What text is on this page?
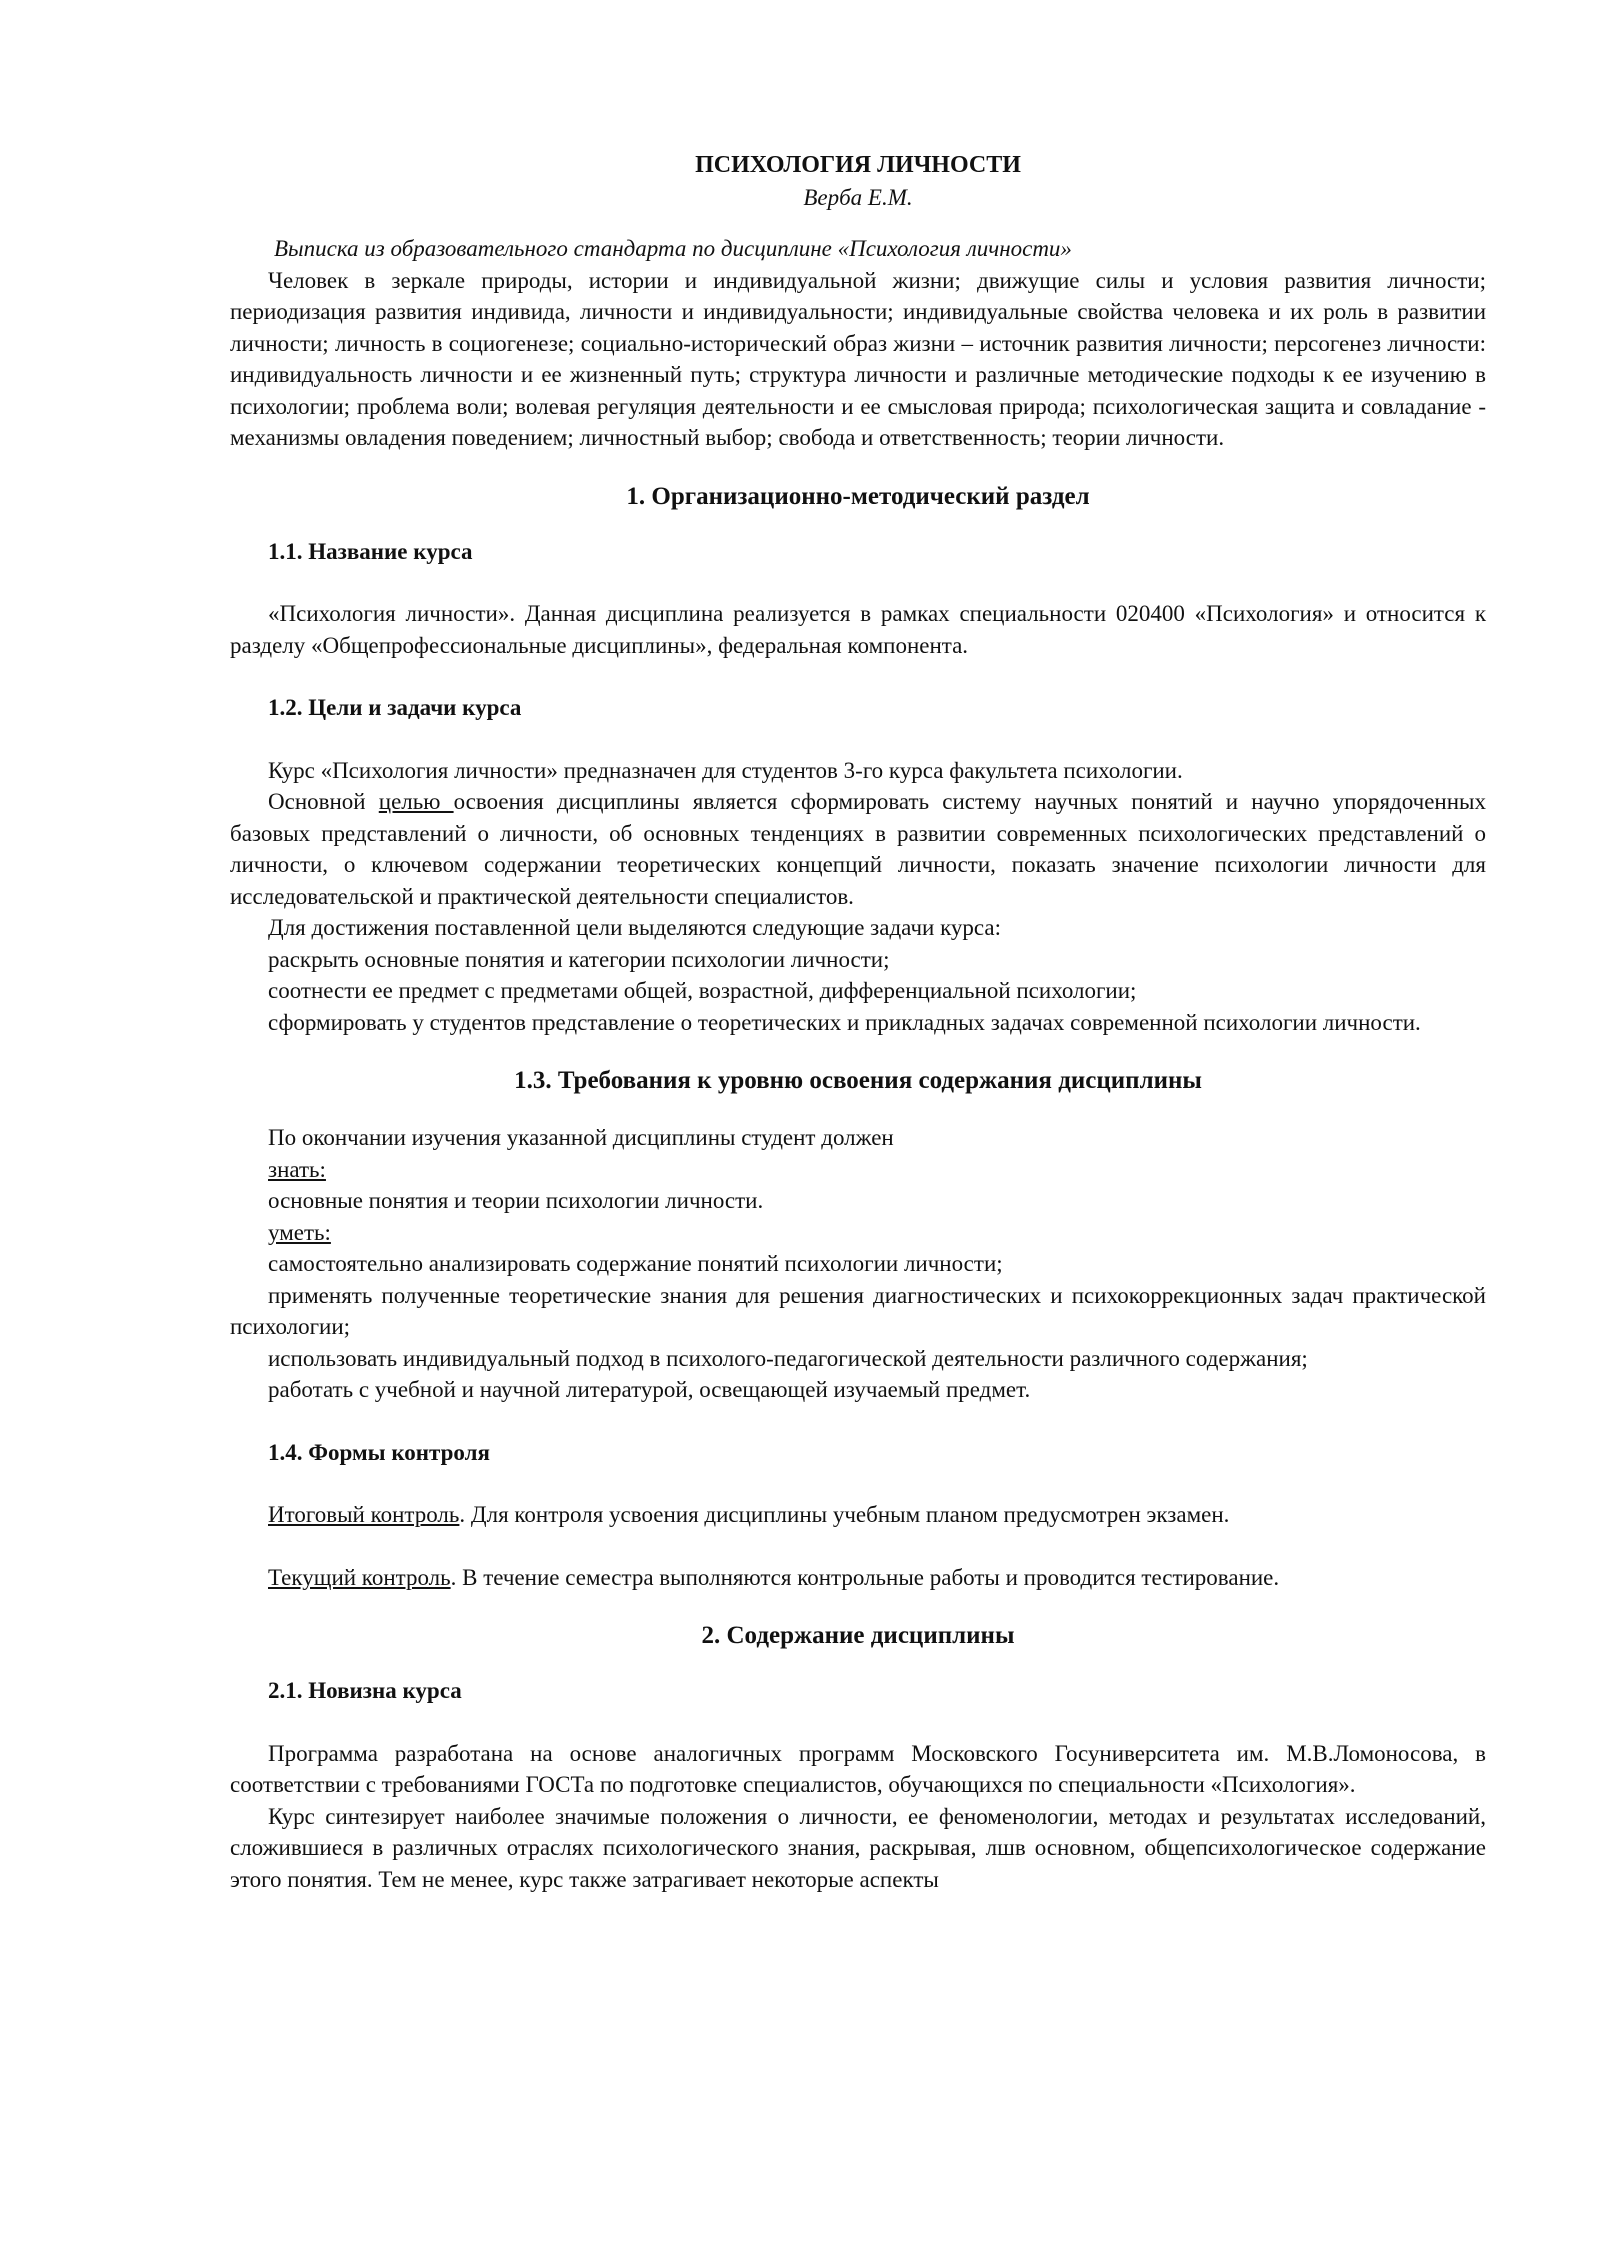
ПСИХОЛОГИЯ ЛИЧНОСТИ

Верба Е.М.

Выписка из образовательного стандарта по дисциплине «Психология личности»

Человек в зеркале природы, истории и индивидуальной жизни; движущие силы и условия развития личности; периодизация развития индивида, личности и индивидуальности; индивидуальные свойства человека и их роль в развитии личности; личность в социогенезе; социально-исторический образ жизни – источник развития личности; персогенез личности: индивидуальность личности и ее жизненный путь; структура личности и различные методические подходы к ее изучению в психологии; проблема воли; волевая регуляция деятельности и ее смысловая природа; психологическая защита и совладание - механизмы овладения поведением; личностный выбор; свобода и ответственность; теории личности.

1. Организационно-методический раздел
1.1. Название курса

«Психология личности». Данная дисциплина реализуется в рамках специальности 020400 «Психология» и относится к разделу «Общепрофессиональные дисциплины», федеральная компонента.

1.2. Цели и задачи курса

Курс «Психология личности» предназначен для студентов 3-го курса факультета психологии.

Основной целью освоения дисциплины является сформировать систему научных понятий и научно упорядоченных базовых представлений о личности, об основных тенденциях в развитии современных психологических представлений о личности, о ключевом содержании теоретических концепций личности, показать значение психологии личности для исследовательской и практической деятельности специалистов.

Для достижения поставленной цели выделяются следующие задачи курса:

раскрыть основные понятия и категории психологии личности;

соотнести ее предмет с предметами общей, возрастной, дифференциальной психологии;

сформировать у студентов представление о теоретических и прикладных задачах современной психологии личности.

1.3. Требования к уровню освоения содержания дисциплины

По окончании изучения указанной дисциплины студент должен

знать:

основные понятия и теории психологии личности.

уметь:

самостоятельно анализировать содержание понятий психологии личности;

применять полученные теоретические знания для решения диагностических и психокоррекционных задач практической психологии;

использовать индивидуальный подход в психолого-педагогической деятельности различного содержания;

работать с учебной и научной литературой, освещающей изучаемый предмет.

1.4. Формы контроля

Итоговый контроль. Для контроля усвоения дисциплины учебным планом предусмотрен экзамен.

Текущий контроль. В течение семестра выполняются контрольные работы и проводится тестирование.

2. Содержание дисциплины
2.1. Новизна курса

Программа разработана на основе аналогичных программ Московского Госуниверситета им. М.В.Ломоносова, в соответствии с требованиями ГОСТа по подготовке специалистов, обучающихся по специальности «Психология».

Курс синтезирует наиболее значимые положения о личности, ее феноменологии, методах и результатах исследований, сложившиеся в различных отраслях психологического знания, раскрывая, лшв основном, общепсихологическое содержание этого понятия. Тем не менее, курс также затрагивает некоторые аспекты
